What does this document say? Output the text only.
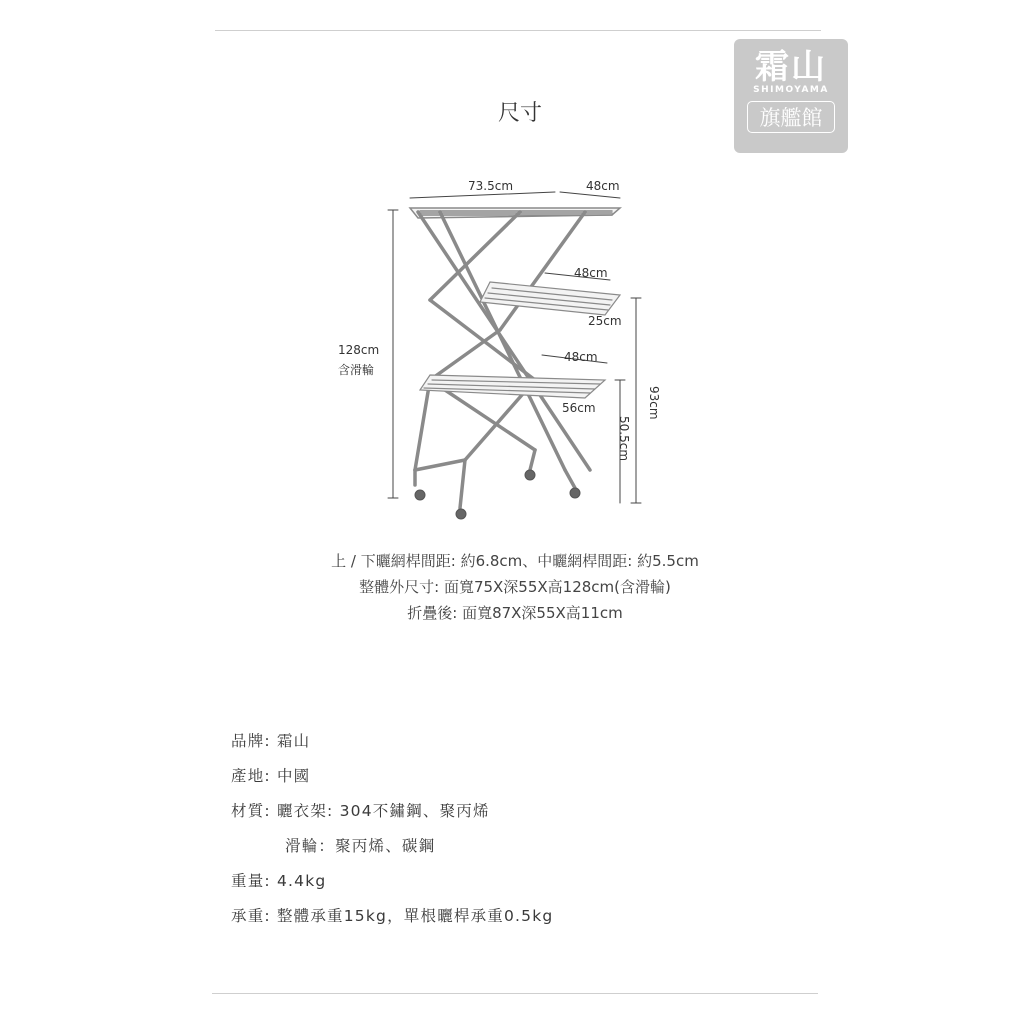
霜山
SHIMOYAMA
旗艦館
尺寸
73.5cm	48cm
48cm
25cm
48cm
56cm
128cm
含滑輪
93cm
50.5cm
上 / 下曬網桿間距: 約6.8cm、中曬網桿間距: 約5.5cm
整體外尺寸: 面寬75X深55X高128cm(含滑輪)
折疊後: 面寬87X深55X高11cm
品牌: 霜山
產地: 中國
材質: 曬衣架: 304不鏽鋼、聚丙烯
滑輪：聚丙烯、碳鋼
重量: 4.4kg
承重: 整體承重15kg，單根曬桿承重0.5kg
